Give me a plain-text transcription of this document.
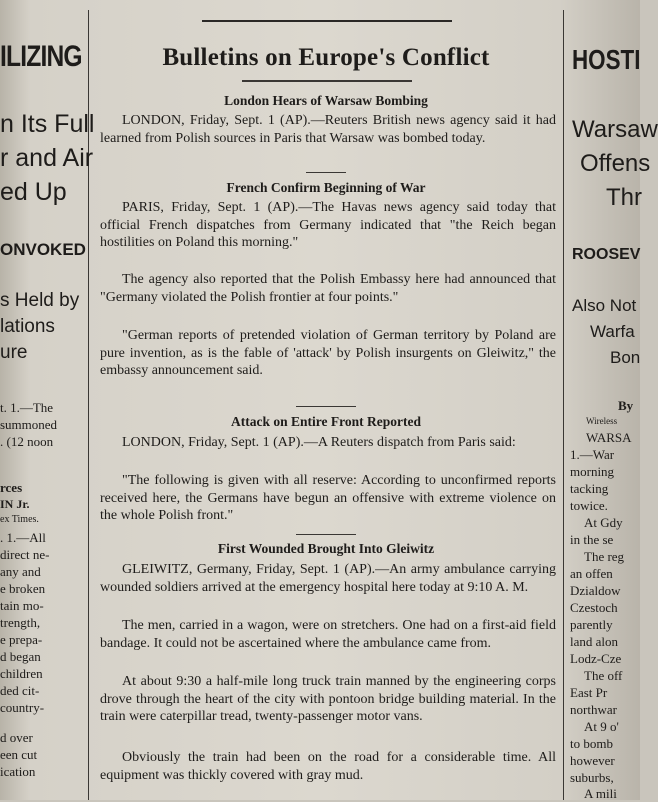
ILIZING
n Its Full
r and Air
ed Up
ONVOKED
s Held by
lations
ure
t. 1.—The
summoned
. (12 noon
rces
IN Jr.
ex Times.
. 1.—All
direct ne-
any and
e broken
tain mo-
trength,
e prepa-
d began
children
ded cit-
country-
d over
een cut
ication
Bulletins on Europe's Conflict
London Hears of Warsaw Bombing
LONDON, Friday, Sept. 1 (AP).—Reuters British news agency said it had learned from Polish sources in Paris that Warsaw was bombed today.
French Confirm Beginning of War
PARIS, Friday, Sept. 1 (AP).—The Havas news agency said today that official French dispatches from Germany indicated that "the Reich began hostilities on Poland this morning."
The agency also reported that the Polish Embassy here had announced that "Germany violated the Polish frontier at four points."
"German reports of pretended violation of German territory by Poland are pure invention, as is the fable of 'attack' by Polish insurgents on Gleiwitz," the embassy announcement said.
Attack on Entire Front Reported
LONDON, Friday, Sept. 1 (AP).—A Reuters dispatch from Paris said:
"The following is given with all reserve: According to unconfirmed reports received here, the Germans have begun an offensive with extreme violence on the whole Polish front."
First Wounded Brought Into Gleiwitz
GLEIWITZ, Germany, Friday, Sept. 1 (AP).—An army ambulance carrying wounded soldiers arrived at the emergency hospital here today at 9:10 A. M.
The men, carried in a wagon, were on stretchers. One had on a first-aid field bandage. It could not be ascertained where the ambulance came from.
At about 9:30 a half-mile long truck train manned by the engineering corps drove through the heart of the city with pontoon bridge building material. In the train were caterpillar tread, twenty-passenger motor vans.
Obviously the train had been on the road for a considerable time. All equipment was thickly covered with gray mud.
HOSTI
Warsaw
Offens
Thr
ROOSEV
Also Not
Warfa
Bon
By
Wireless
WARSA
1.—War
morning
tacking
towice.
At Gdy
in the se
The reg
an offen
Dzialdow
Czestoch
parently
land alon
Lodz-Cze
The off
East Pr
northwar
At 9 o'
to bomb
however
suburbs,
A mili
